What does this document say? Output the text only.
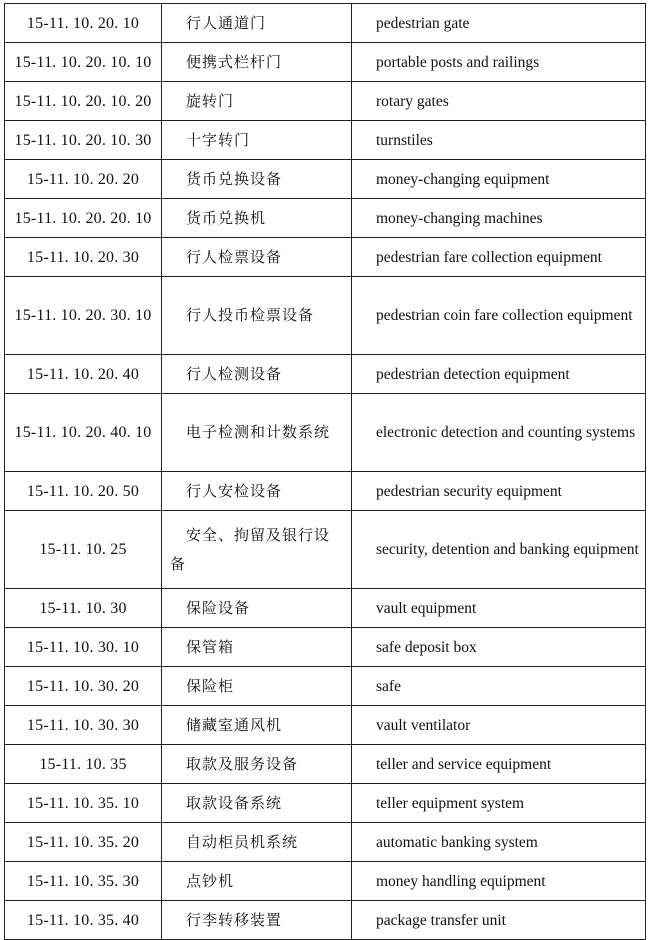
15-11. 10. 20. 10	行人通道门	pedestrian gate
15-11. 10. 20. 10. 10	便携式栏杆门	portable posts and railings
15-11. 10. 20. 10. 20	旋转门	rotary gates
15-11. 10. 20. 10. 30	十字转门	turnstiles
15-11. 10. 20. 20	货币兑换设备	money-changing equipment
15-11. 10. 20. 20. 10	货币兑换机	money-changing machines
15-11. 10. 20. 30	行人检票设备	pedestrian fare collection equipment
15-11. 10. 20. 30. 10	行人投币检票设备	pedestrian coin fare collection equipment
15-11. 10. 20. 40	行人检测设备	pedestrian detection equipment
15-11. 10. 20. 40. 10	电子检测和计数系统	electronic detection and counting systems
15-11. 10. 20. 50	行人安检设备	pedestrian security equipment
15-11. 10. 25	安全、拘留及银行设备	security, detention and banking equipment
15-11. 10. 30	保险设备	vault equipment
15-11. 10. 30. 10	保管箱	safe deposit box
15-11. 10. 30. 20	保险柜	safe
15-11. 10. 30. 30	储藏室通风机	vault ventilator
15-11. 10. 35	取款及服务设备	teller and service equipment
15-11. 10. 35. 10	取款设备系统	teller equipment system
15-11. 10. 35. 20	自动柜员机系统	automatic banking system
15-11. 10. 35. 30	点钞机	money handling equipment
15-11. 10. 35. 40	行李转移装置	package transfer unit
